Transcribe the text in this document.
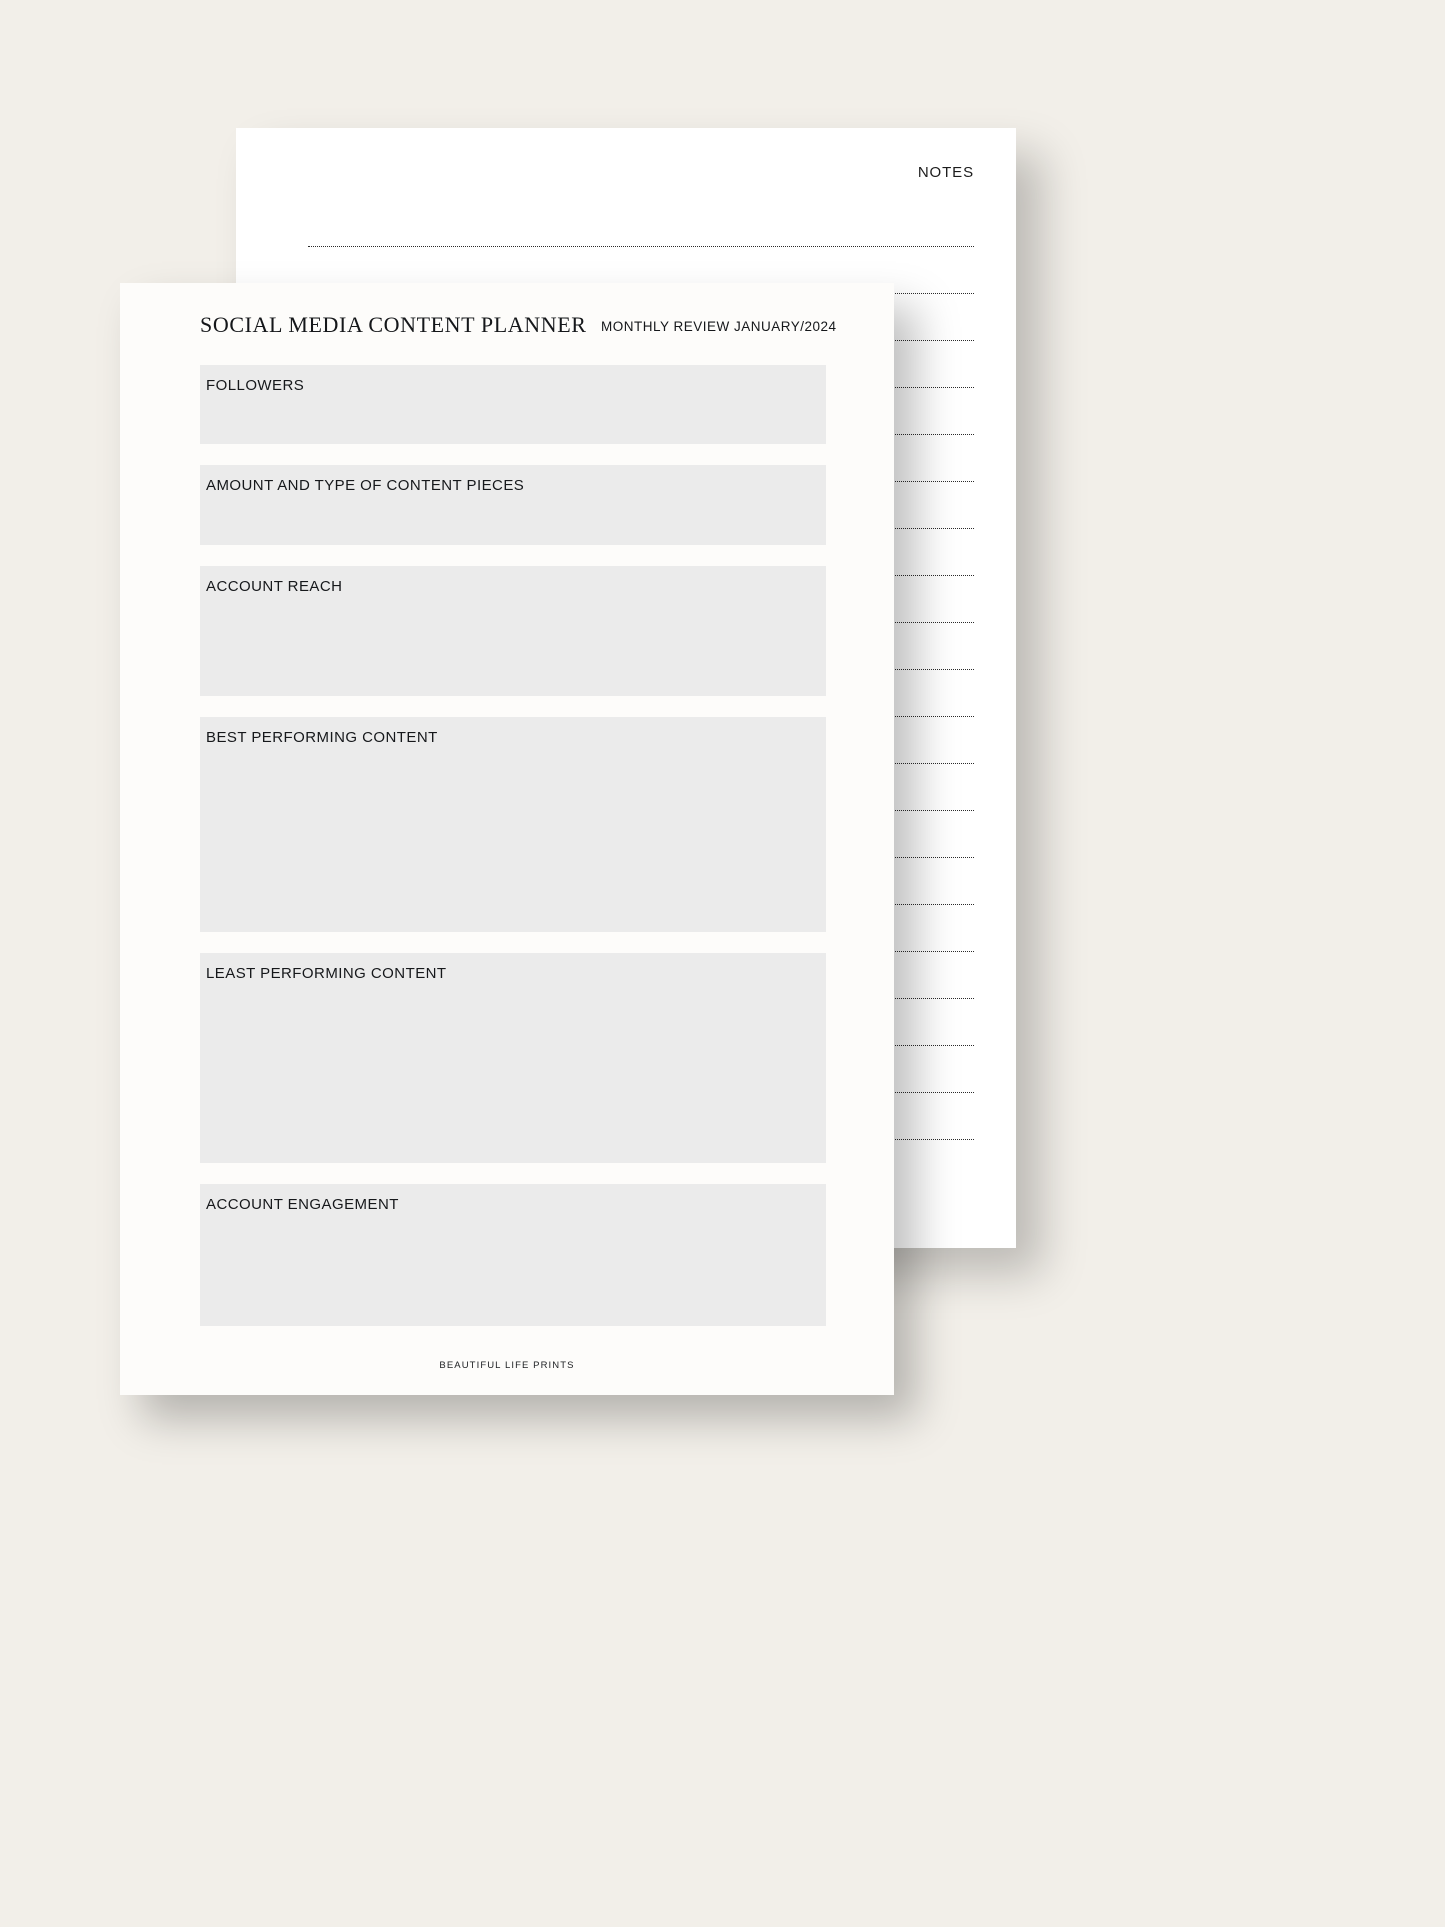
NOTES
SOCIAL MEDIA CONTENT PLANNER MONTHLY REVIEW JANUARY/2024
FOLLOWERS
AMOUNT AND TYPE OF CONTENT PIECES
ACCOUNT REACH
BEST PERFORMING CONTENT
LEAST PERFORMING CONTENT
ACCOUNT ENGAGEMENT
BEAUTIFUL LIFE PRINTS
